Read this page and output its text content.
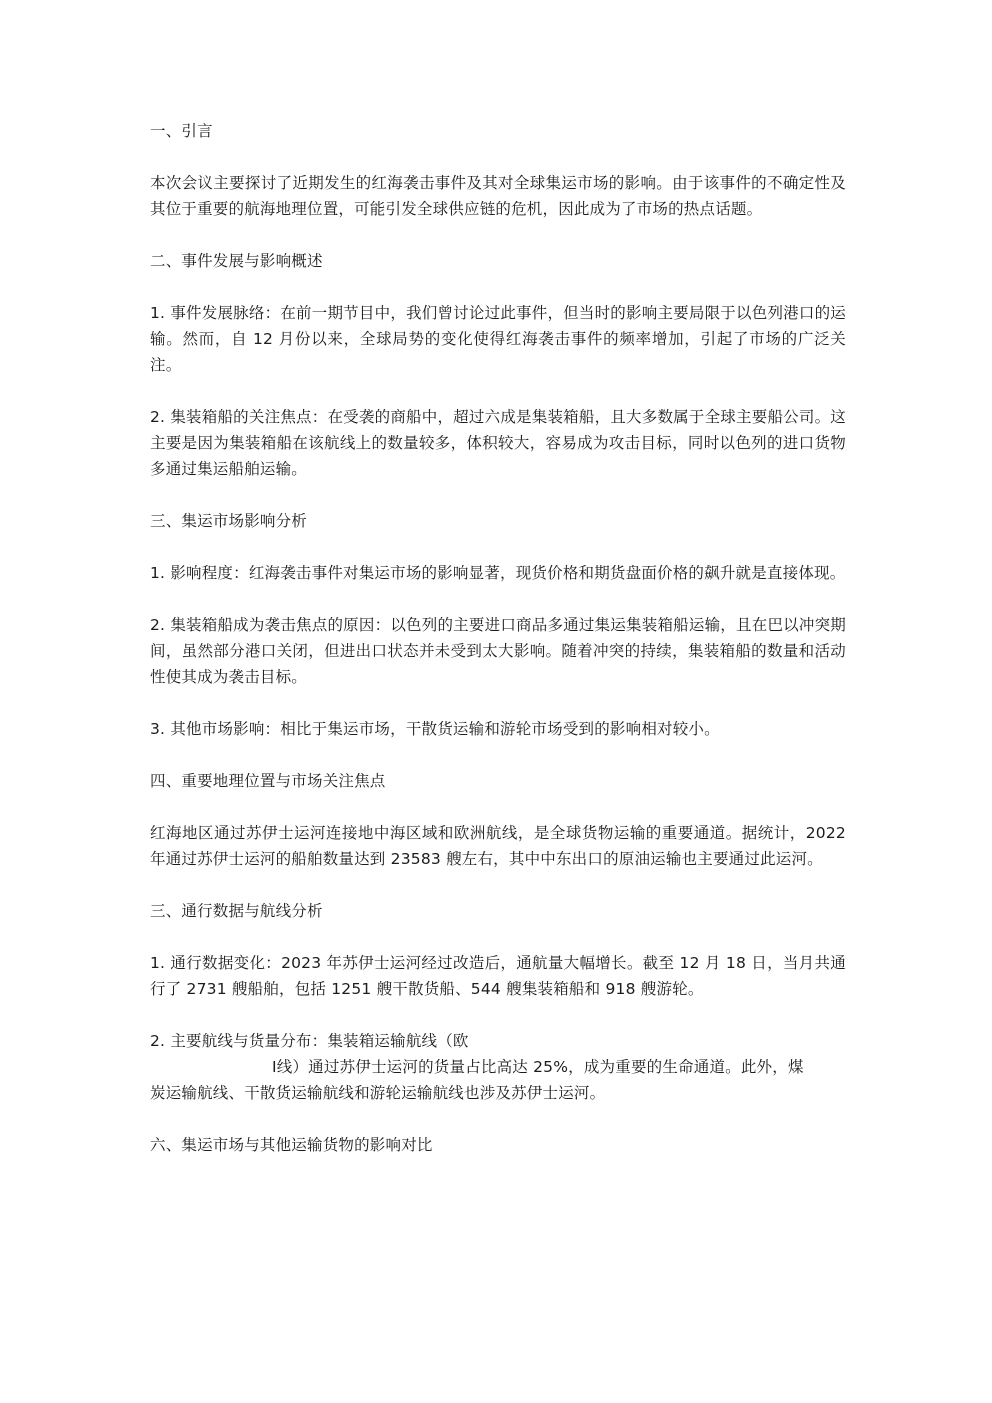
一、引言

本次会议主要探讨了近期发生的红海袭击事件及其对全球集运市场的影响。由于该事件的不确定性及其位于重要的航海地理位置，可能引发全球供应链的危机，因此成为了市场的热点话题。

二、事件发展与影响概述

1. 事件发展脉络：在前一期节目中，我们曾讨论过此事件，但当时的影响主要局限于以色列港口的运输。然而，自 12 月份以来，全球局势的变化使得红海袭击事件的频率增加，引起了市场的广泛关注。

2. 集装箱船的关注焦点：在受袭的商船中，超过六成是集装箱船，且大多数属于全球主要船公司。这主要是因为集装箱船在该航线上的数量较多，体积较大，容易成为攻击目标，同时以色列的进口货物多通过集运船舶运输。

三、集运市场影响分析

1. 影响程度：红海袭击事件对集运市场的影响显著，现货价格和期货盘面价格的飙升就是直接体现。

2. 集装箱船成为袭击焦点的原因：以色列的主要进口商品多通过集运集装箱船运输，且在巴以冲突期间，虽然部分港口关闭，但进出口状态并未受到太大影响。随着冲突的持续，集装箱船的数量和活动性使其成为袭击目标。

3. 其他市场影响：相比于集运市场，干散货运输和游轮市场受到的影响相对较小。

四、重要地理位置与市场关注焦点

红海地区通过苏伊士运河连接地中海区域和欧洲航线，是全球货物运输的重要通道。据统计，2022 年通过苏伊士运河的船舶数量达到 23583 艘左右，其中中东出口的原油运输也主要通过此运河。

三、通行数据与航线分析

1. 通行数据变化：2023 年苏伊士运河经过改造后，通航量大幅增长。截至 12 月 18 日，当月共通行了 2731 艘船舶，包括 1251 艘干散货船、544 艘集装箱船和 918 艘游轮。

2. 主要航线与货量分布：集装箱运输航线（欧
I线）通过苏伊士运河的货量占比高达 25%，成为重要的生命通道。此外，煤
炭运输航线、干散货运输航线和游轮运输航线也涉及苏伊士运河。
六、集运市场与其他运输货物的影响对比
